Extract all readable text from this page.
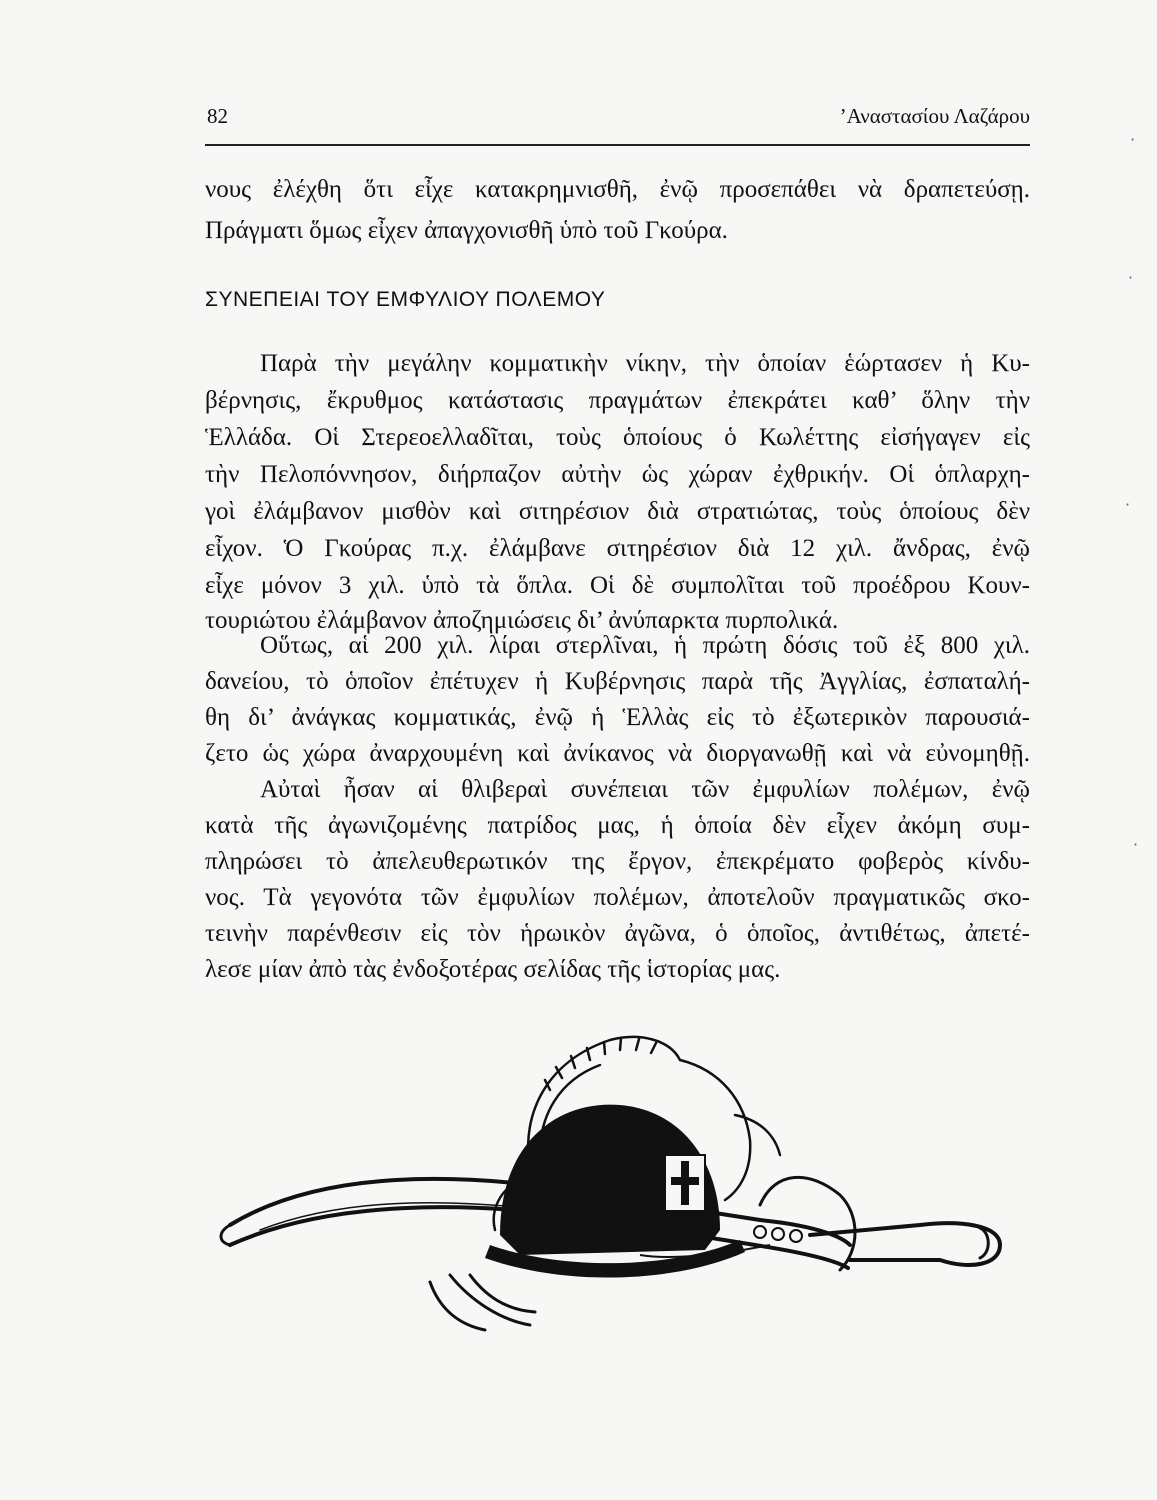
82	’Αναστασίου Λαζάρου
νους ἐλέχθη ὅτι εἶχε κατακρημνισθῆ, ἐνῷ προσεπάθει νὰ δραπετεύσῃ.
Πράγματι ὅμως εἶχεν ἀπαγχονισθῆ ὑπὸ τοῦ Γκούρα.
ΣΥΝΕΠΕΙΑΙ ΤΟΥ ΕΜΦΥΛΙΟΥ ΠΟΛΕΜΟΥ
Παρὰ τὴν μεγάλην κομματικὴν νίκην, τὴν ὁποίαν ἑώρτασεν ἡ Κυ-
βέρνησις, ἔκρυθμος κατάστασις πραγμάτων ἐπεκράτει καθ’ ὅλην τὴν
Ἑλλάδα. Οἱ Στερεοελλαδῖται, τοὺς ὁποίους ὁ Κωλέττης εἰσήγαγεν εἰς
τὴν Πελοπόννησον, διήρπαζον αὐτὴν ὡς χώραν ἐχθρικήν. Οἱ ὁπλαρχη-
γοὶ ἐλάμβανον μισθὸν καὶ σιτηρέσιον διὰ στρατιώτας, τοὺς ὁποίους δὲν
εἶχον. Ὁ Γκούρας π.χ. ἐλάμβανε σιτηρέσιον διὰ 12 χιλ. ἄνδρας, ἐνῷ
εἶχε μόνον 3 χιλ. ὑπὸ τὰ ὅπλα. Οἱ δὲ συμπολῖται τοῦ προέδρου Κουν-
τουριώτου ἐλάμβανον ἀποζημιώσεις δι’ ἀνύπαρκτα πυρπολικά.
Οὕτως, αἱ 200 χιλ. λίραι στερλῖναι, ἡ πρώτη δόσις τοῦ ἐξ 800 χιλ.
δανείου, τὸ ὁποῖον ἐπέτυχεν ἡ Κυβέρνησις παρὰ τῆς Ἀγγλίας, ἐσπαταλή-
θη δι’ ἀνάγκας κομματικάς, ἐνῷ ἡ Ἑλλὰς εἰς τὸ ἐξωτερικὸν παρουσιά-
ζετο ὡς χώρα ἀναρχουμένη καὶ ἀνίκανος νὰ διοργανωθῇ καὶ νὰ εὐνομηθῇ.
Αὐταὶ ἦσαν αἱ θλιβεραὶ συνέπειαι τῶν ἐμφυλίων πολέμων, ἐνῷ
κατὰ τῆς ἀγωνιζομένης πατρίδος μας, ἡ ὁποία δὲν εἶχεν ἀκόμη συμ-
πληρώσει τὸ ἀπελευθερωτικόν της ἔργον, ἐπεκρέματο φοβερὸς κίνδυ-
νος. Τὰ γεγονότα τῶν ἐμφυλίων πολέμων, ἀποτελοῦν πραγματικῶς σκο-
τεινὴν παρένθεσιν εἰς τὸν ἡρωικὸν ἀγῶνα, ὁ ὁποῖος, ἀντιθέτως, ἀπετέ-
λεσε μίαν ἀπὸ τὰς ἐνδοξοτέρας σελίδας τῆς ἱστορίας μας.
·
·
·
·
